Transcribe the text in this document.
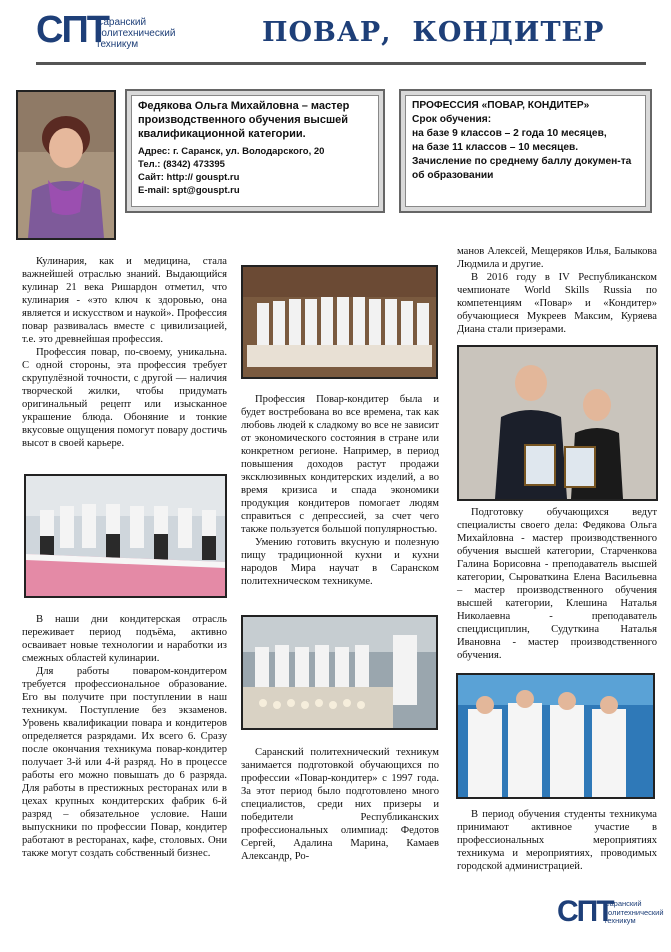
СПТ
Саранский
политехнический
техникум	ПОВАР,  КОНДИТЕР
Федякова Ольга Михайловна – мастер производственного обучения высшей квалификационной категории.
Адрес: г. Саранск, ул. Володарского, 20
Тел.: (8342) 473395
Сайт: http:// gouspt.ru
E-mail: spt@gouspt.ru
ПРОФЕССИЯ «ПОВАР, КОНДИТЕР»
Срок обучения:
на базе 9 классов – 2 года 10 месяцев,
на базе 11 классов – 10 месяцев.
Зачисление по среднему баллу докумен-та об образовании

Кулинария, как и медицина, стала важнейшей отраслью знаний. Выдающийся кулинар 21 века Ришардон отметил, что кулинария - «это ключ к здоровью, она является и искусством и наукой». Профессия повар развивалась вместе с цивилизацией, т.е. это древнейшая профессия.

Профессия повар, по-своему, уникальна. С одной стороны, эта профессия требует скрупулёзной точности, с другой — наличия творческой жилки, чтобы придумать оригинальный рецепт или изысканное украшение блюда. Обоняние и тонкие вкусовые ощущения помогут повару достичь высот в своей карьере.

В наши дни кондитерская отрасль переживает период подъёма, активно осваивает новые технологии и наработки из смежных областей кулинарии.

Для работы поваром-кондитером требуется профессиональное образование. Его вы получите при поступлении в наш техникум. Поступление без экзаменов. Уровень квалификации повара и кондитеров определяется разрядами. Их всего 6. Сразу после окончания техникума повар-кондитер получает 3-й или 4-й разряд. Но в процессе работы его можно повышать до 6 разряда. Для работы в престижных ресторанах или в цехах крупных кондитерских фабрик 6-й разряд – обязательное условие. Наши выпускники по профессии Повар, кондитер работают в ресторанах, кафе, столовых. Они также могут создать собственный бизнес.

Профессия Повар-кондитер была и будет востребована во все времена, так как любовь людей к сладкому во все не зависит от экономического состояния в стране или конкретном регионе. Например, в период повышения доходов растут продажи эксклюзивных кондитерских изделий, а во время кризиса и спада экономики продукция кондитеров помогает людям справиться с депрессией, за счет чего также пользуется большой популярностью.

Умению готовить вкусную и полезную пищу традиционной кухни и кухни народов Мира научат в Саранском политехническом техникуме.

Саранский политехнический техникум занимается подготовкой обучающихся по профессии «Повар-кондитер» с 1997 года. За этот период было подготовлено много специалистов, среди них призеры и победители Республиканских профессиональных олимпиад: Федотов Сергей, Адалина Марина, Камаев Александр, Ро-

манов Алексей, Мещеряков Илья, Балыкова Людмила и другие.

В 2016 году в IV Республиканском чемпионате World Skills Russia по компетенциям «Повар» и «Кондитер» обучающиеся Мукреев Максим, Куряева Диана стали призерами.

Подготовку обучающихся ведут специалисты своего дела: Федякова Ольга Михайловна - мастер производственного обучения высшей категории, Старченкова Галина Борисовна - преподаватель высшей категории, Сыроваткина Елена Васильевна – мастер производственного обучения высшей категории, Клешина Наталья Николаевна - преподаватель спецдисциплин, Судуткина Наталья Ивановна - мастер производственного обучения.

В период обучения студенты техникума принимают активное участие в профессиональных мероприятиях техникума и мероприятиях, проводимых городской администрацией.

СПТ
Саранский
политехнический
техникум
